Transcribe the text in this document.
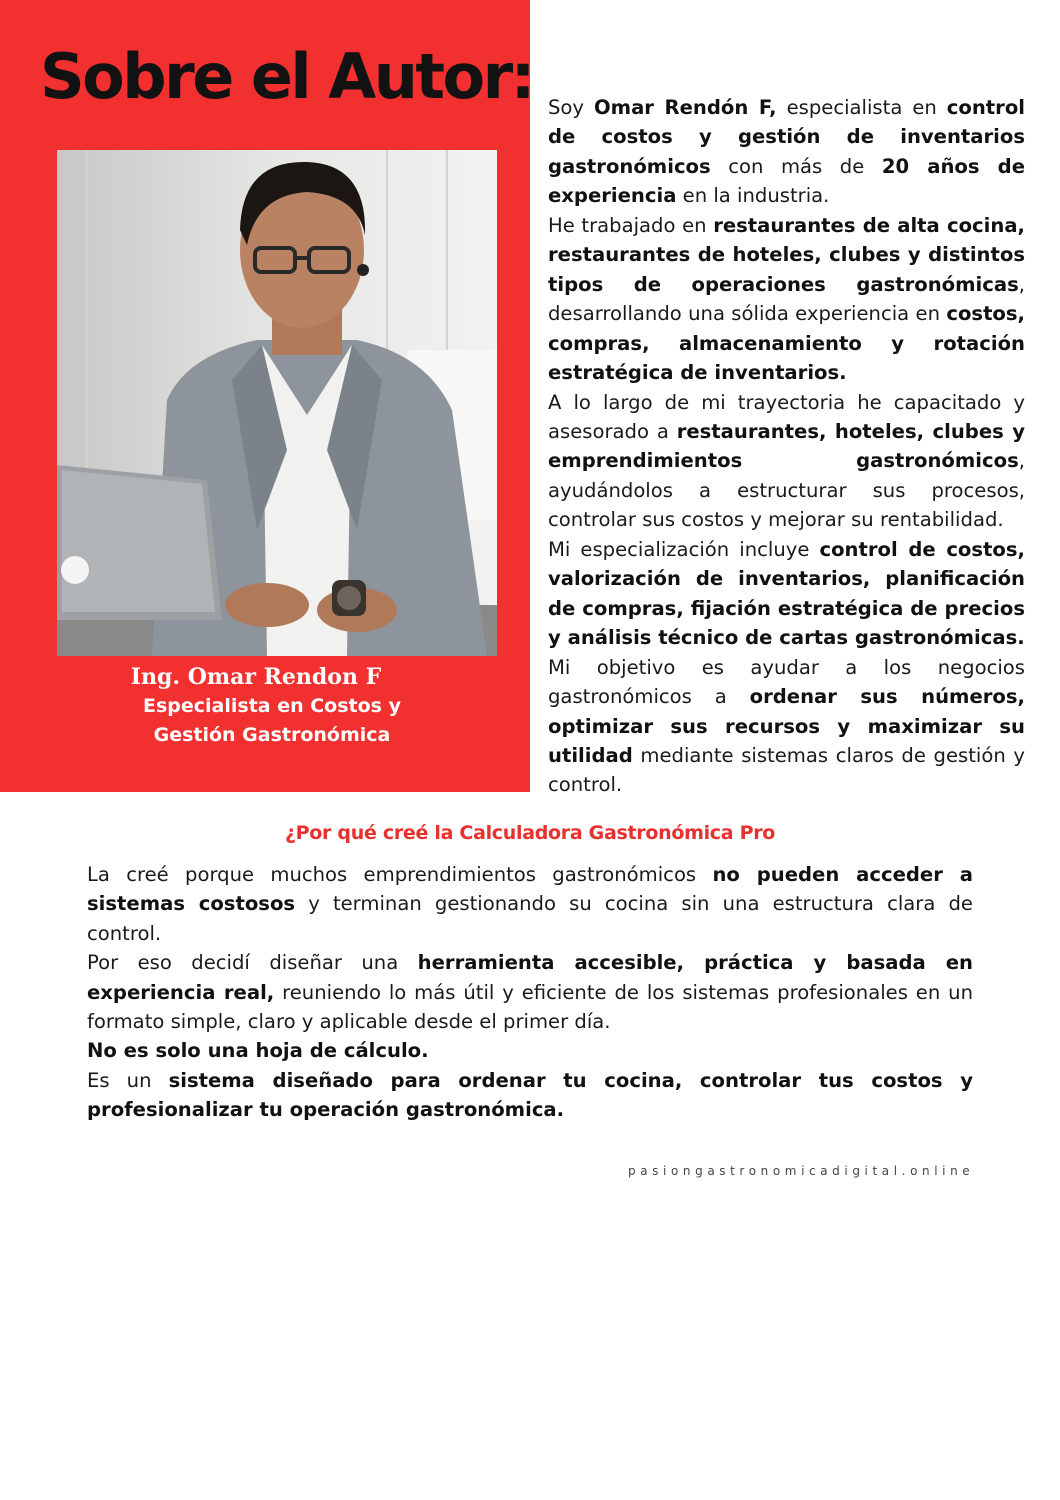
Sobre el Autor:
Ing. Omar Rendon F
Especialista en Costos y
Gestión Gastronómica

Soy Omar Rendón F, especialista en control de costos y gestión de inventarios gastronómicos con más de 20 años de experiencia en la industria.

He trabajado en restaurantes de alta cocina, restaurantes de hoteles, clubes y distintos tipos de operaciones gastronómicas, desarrollando una sólida experiencia en costos, compras, almacenamiento y rotación estratégica de inventarios.

A lo largo de mi trayectoria he capacitado y asesorado a restaurantes, hoteles, clubes y emprendimientos gastronómicos, ayudándolos a estructurar sus procesos, controlar sus costos y mejorar su rentabilidad.

Mi especialización incluye control de costos, valorización de inventarios, planificación de compras, fijación estratégica de precios y análisis técnico de cartas gastronómicas.

Mi objetivo es ayudar a los negocios gastronómicos a ordenar sus números, optimizar sus recursos y maximizar su utilidad mediante sistemas claros de gestión y control.

¿Por qué creé la Calculadora Gastronómica Pro

La creé porque muchos emprendimientos gastronómicos no pueden acceder a sistemas costosos y terminan gestionando su cocina sin una estructura clara de control.

Por eso decidí diseñar una herramienta accesible, práctica y basada en experiencia real, reuniendo lo más útil y eficiente de los sistemas profesionales en un formato simple, claro y aplicable desde el primer día.

No es solo una hoja de cálculo.

Es un sistema diseñado para ordenar tu cocina, controlar tus costos y profesionalizar tu operación gastronómica.

pasiongastronomicadigital.online
